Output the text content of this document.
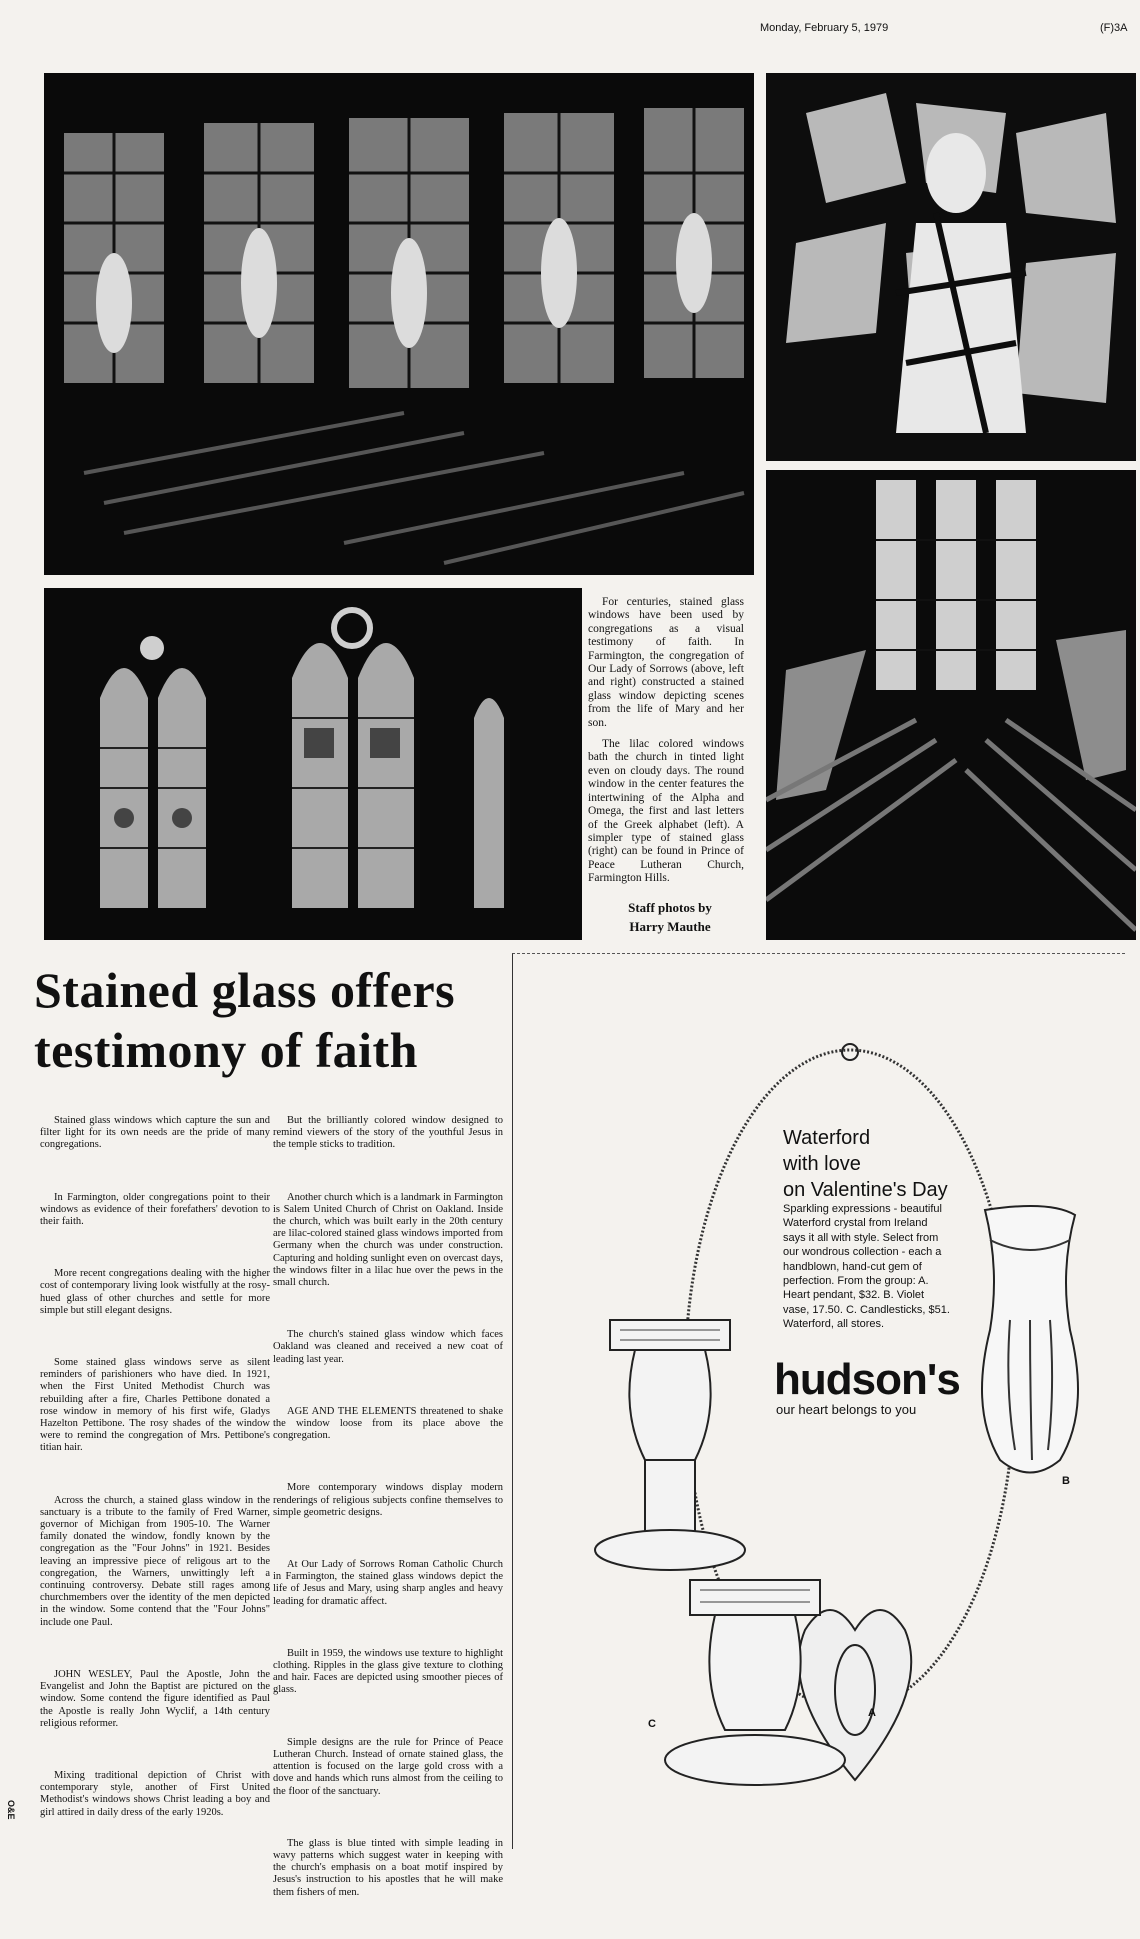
Monday, February 5, 1979	(F)3A

For centuries, stained glass windows have been used by congregations as a visual testimony of faith. In Farmington, the congregation of Our Lady of Sorrows (above, left and right) constructed a stained glass window depicting scenes from the life of Mary and her son.

The lilac colored windows bath the church in tinted light even on cloudy days. The round window in the center features the intertwining of the Alpha and Omega, the first and last letters of the Greek alphabet (left). A simpler type of stained glass (right) can be found in Prince of Peace Lutheran Church, Farmington Hills.

Staff photos by
Harry Mauthe
Stained glass offers
testimony of faith

Stained glass windows which capture the sun and filter light for its own needs are the pride of many congregations.

In Farmington, older congregations point to their windows as evidence of their forefathers' devotion to their faith.

More recent congregations dealing with the higher cost of contemporary living look wistfully at the rosy- hued glass of other churches and settle for more simple but still elegant designs.

Some stained glass windows serve as silent reminders of parishioners who have died. In 1921, when the First United Methodist Church was rebuilding after a fire, Charles Pettibone donated a rose window in memory of his first wife, Gladys Hazelton Pettibone. The rosy shades of the window were to remind the congregation of Mrs. Pettibone's titian hair.

Across the church, a stained glass window in the sanctuary is a tribute to the family of Fred Warner, governor of Michigan from 1905-10. The Warner family donated the window, fondly known by the congregation as the "Four Johns" in 1921. Besides leaving an impressive piece of religous art to the congregation, the Warners, unwittingly left a continuing controversy. Debate still rages among churchmembers over the identity of the men depicted in the window. Some contend that the "Four Johns" include one Paul.

JOHN WESLEY, Paul the Apostle, John the Evangelist and John the Baptist are pictured on the window. Some contend the figure identified as Paul the Apostle is really John Wyclif, a 14th century religious reformer.

Mixing traditional depiction of Christ with contemporary style, another of First United Methodist's windows shows Christ leading a boy and girl attired in daily dress of the early 1920s.

But the brilliantly colored window designed to remind viewers of the story of the youthful Jesus in the temple sticks to tradition.

Another church which is a landmark in Farmington is Salem United Church of Christ on Oakland. Inside the church, which was built early in the 20th century are lilac-colored stained glass windows imported from Germany when the church was under construction. Capturing and holding sunlight even on overcast days, the windows filter in a lilac hue over the pews in the small church.

The church's stained glass window which faces Oakland was cleaned and received a new coat of leading last year.

AGE AND THE ELEMENTS threatened to shake the window loose from its place above the congregation.

More contemporary windows display modern renderings of religious subjects confine themselves to simple geometric designs.

At Our Lady of Sorrows Roman Catholic Church in Farmington, the stained glass windows depict the life of Jesus and Mary, using sharp angles and heavy leading for dramatic affect.

Built in 1959, the windows use texture to highlight clothing. Ripples in the glass give texture to clothing and hair. Faces are depicted using smoother pieces of glass.

Simple designs are the rule for Prince of Peace Lutheran Church. Instead of ornate stained glass, the attention is focused on the large gold cross with a dove and hands which runs almost from the ceiling to the floor of the sanctuary.

The glass is blue tinted with simple leading in wavy patterns which suggest water in keeping with the church's emphasis on a boat motif inspired by Jesus's instruction to his apostles that he will make them fishers of men.

B
A
C
Waterford
with love
on Valentine's Day
Sparkling expressions - beautiful Waterford crystal from Ireland says it all with style. Select from our wondrous collection - each a handblown, hand-cut gem of perfection. From the group: A. Heart pendant, $32. B. Violet vase, 17.50. C. Candlesticks, $51. Waterford, all stores.
hudson's
our heart belongs to you
O&E
